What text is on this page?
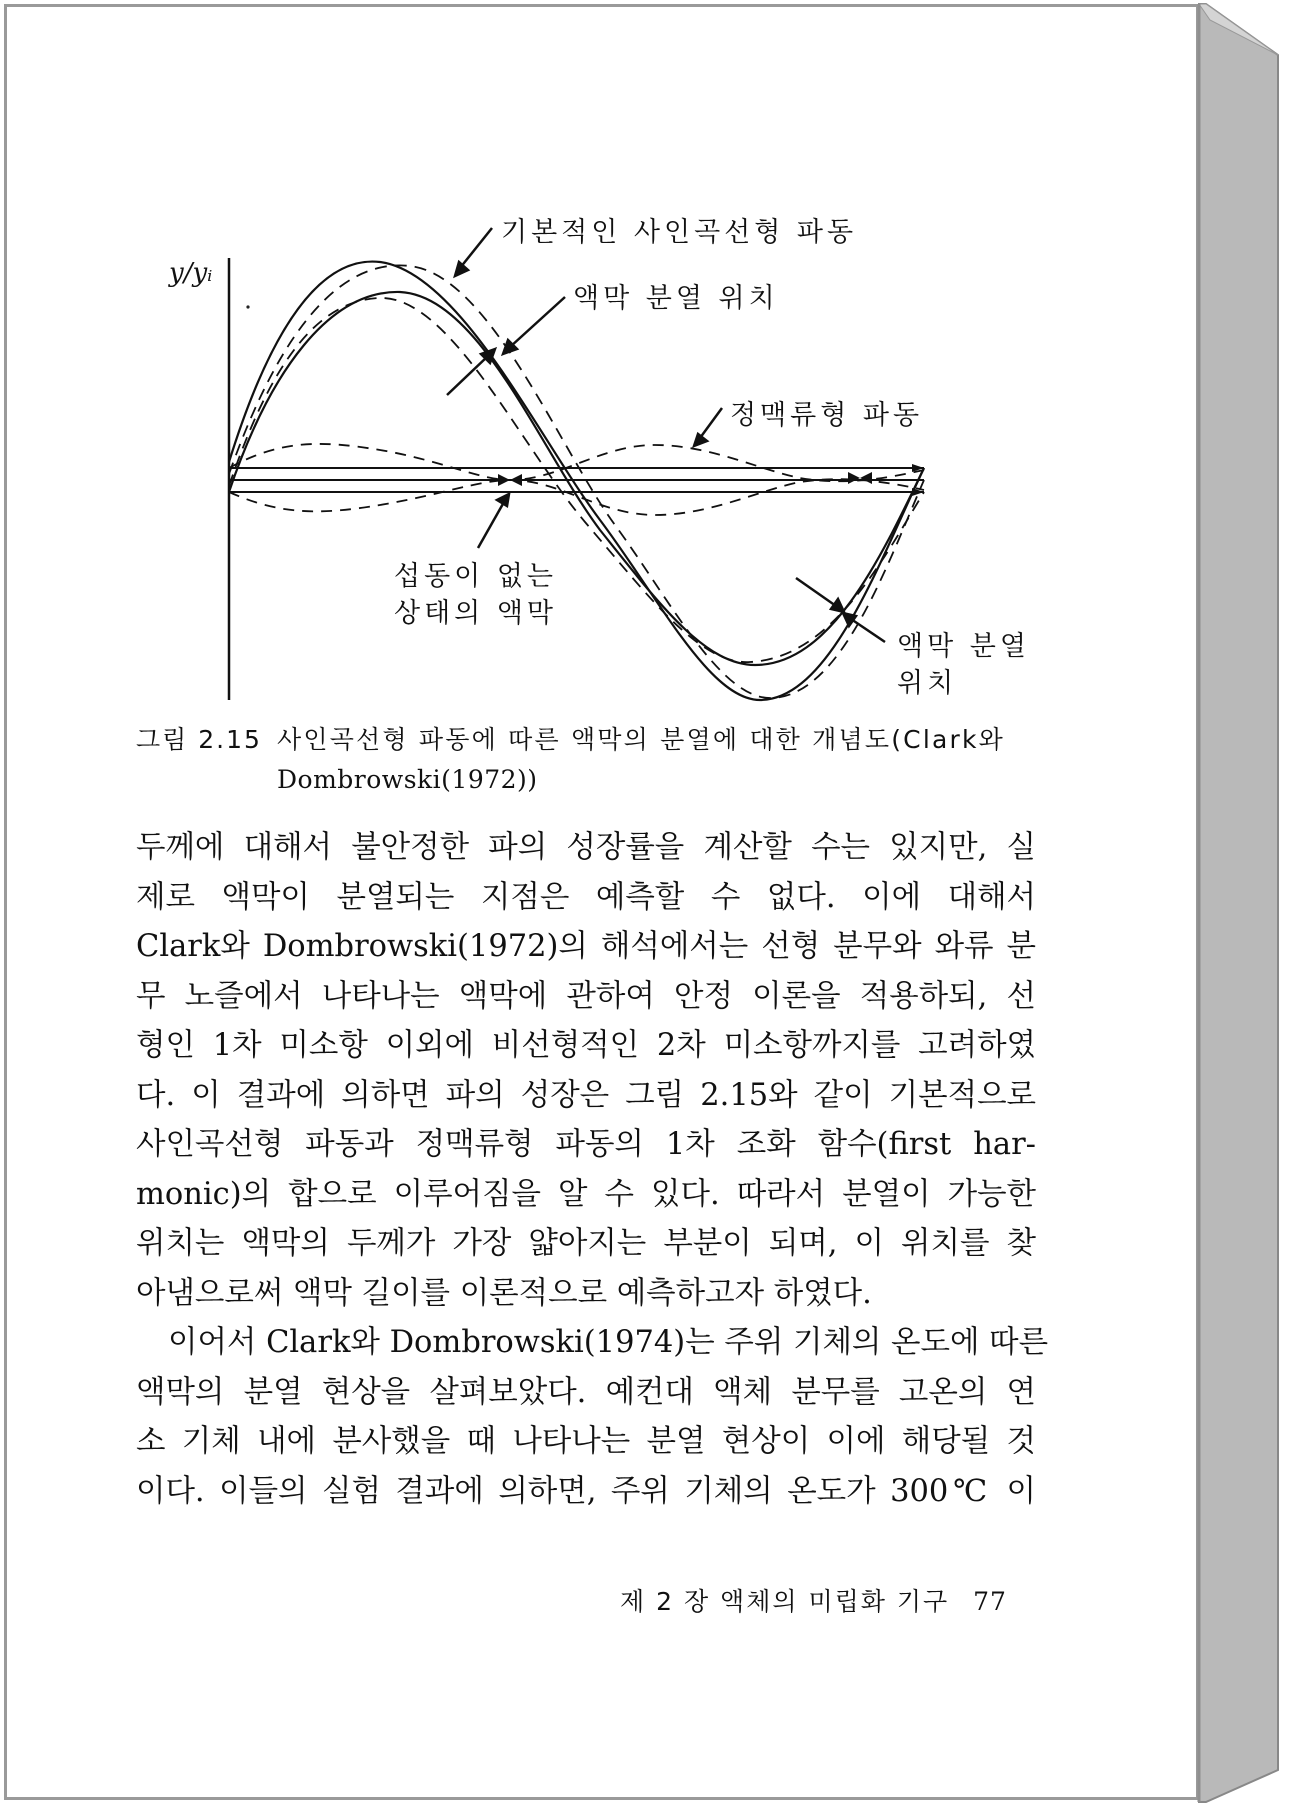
y/yᵢ
기본적인 사인곡선형 파동
액막 분열 위치
정맥류형 파동
섭동이 없는
상태의 액막
액막 분열
위치
그림 2.15 사인곡선형 파동에 따른 액막의 분열에 대한 개념도(Clark와
Dombrowski(1972))
두께에 대해서 불안정한 파의 성장률을 계산할 수는 있지만, 실
제로 액막이 분열되는 지점은 예측할 수 없다. 이에 대해서
Clark와 Dombrowski(1972)의 해석에서는 선형 분무와 와류 분
무 노즐에서 나타나는 액막에 관하여 안정 이론을 적용하되, 선
형인 1차 미소항 이외에 비선형적인 2차 미소항까지를 고려하였
다. 이 결과에 의하면 파의 성장은 그림 2.15와 같이 기본적으로
사인곡선형 파동과 정맥류형 파동의 1차 조화 함수(first har-
monic)의 합으로 이루어짐을 알 수 있다. 따라서 분열이 가능한
위치는 액막의 두께가 가장 얇아지는 부분이 되며, 이 위치를 찾
아냄으로써 액막 길이를 이론적으로 예측하고자 하였다.
이어서 Clark와 Dombrowski(1974)는 주위 기체의 온도에 따른
액막의 분열 현상을 살펴보았다. 예컨대 액체 분무를 고온의 연
소 기체 내에 분사했을 때 나타나는 분열 현상이 이에 해당될 것
이다. 이들의 실험 결과에 의하면, 주위 기체의 온도가 300℃ 이
제 2 장 액체의 미립화 기구 77
